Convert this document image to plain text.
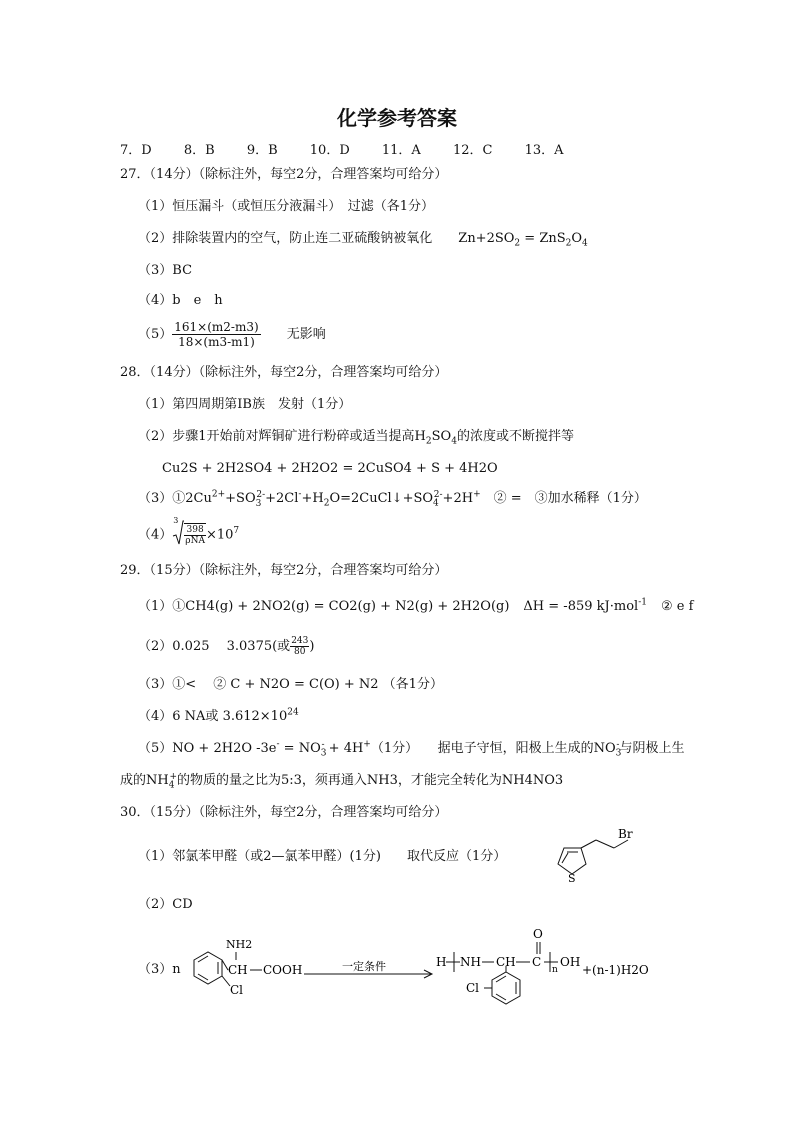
化学参考答案
7．D 8．B 9．B 10．D 11．A 12．C 13．A
27．（14分）（除标注外，每空2分，合理答案均可给分）
（1）恒压漏斗（或恒压分液漏斗）　过滤（各1分）
（2）排除装置内的空气，防止连二亚硫酸钠被氧化 $Zn+2SO_2 = ZnS_2O_4$
（3）BC
（4）b　e　h
$(5) \frac{161\times(m2-m3)}{18\times(m3-m1)}$ 无影响
28．（14分）（除标注外，每空2分，合理答案均可给分）
（1）第四周期第IB族　发射（1分）
（2）步骤1开始前对辉铜矿进行粉碎或适当提高$H_2SO_4$的浓度或不断搅拌等
Cu2S + 2H2SO4 + 2H2O2 = 2CuSO4 + S + 4H2O
$(3)①2Cu^{2+}+SO_3^{2-}+2Cl^-+H_2O=2CuCl↓+SO_4^{2-}+2H^+$　② =　③加水稀释（1分）
（4）
3
$\frac{398}{\text{ρNA}} \times 10^7$
29．（15分）（除标注外，每空2分，合理答案均可给分）
（1）①CH4(g) + 2NO2(g) = CO2(g) + N2(g) + 2H2O(g) ΔH = -859 kJ·mol$^{-1}$ ② e f
（2）0.025　 3.0375(或 $\frac{243}{80}$ )
（3）①<　 ② C + N2O = C(O) + N2 （各1分）
（4）6 NA或 $3.612\times 10^{24}$
（5）NO + 2H2O $-3e^- = NO_3^- + 4H^+(1$分）　　据电子守恒，阳极上生成的$NO_3^-$与阴极上生
成的$NH_4^+$的物质的量之比为5:3，须再通入NH3，才能完全转化为NH4NO3
30．（15分）（除标注外，每空2分，合理答案均可给分）
（1）邻氯苯甲醛（或2—氯苯甲醛）(1分)　　取代反应（1分）
Br
S
（2）CD
（3）n	CH
NH2
COOH
Cl
一定条件	H NH CH C
O
n
OH
Cl
+(n-1)H2O
